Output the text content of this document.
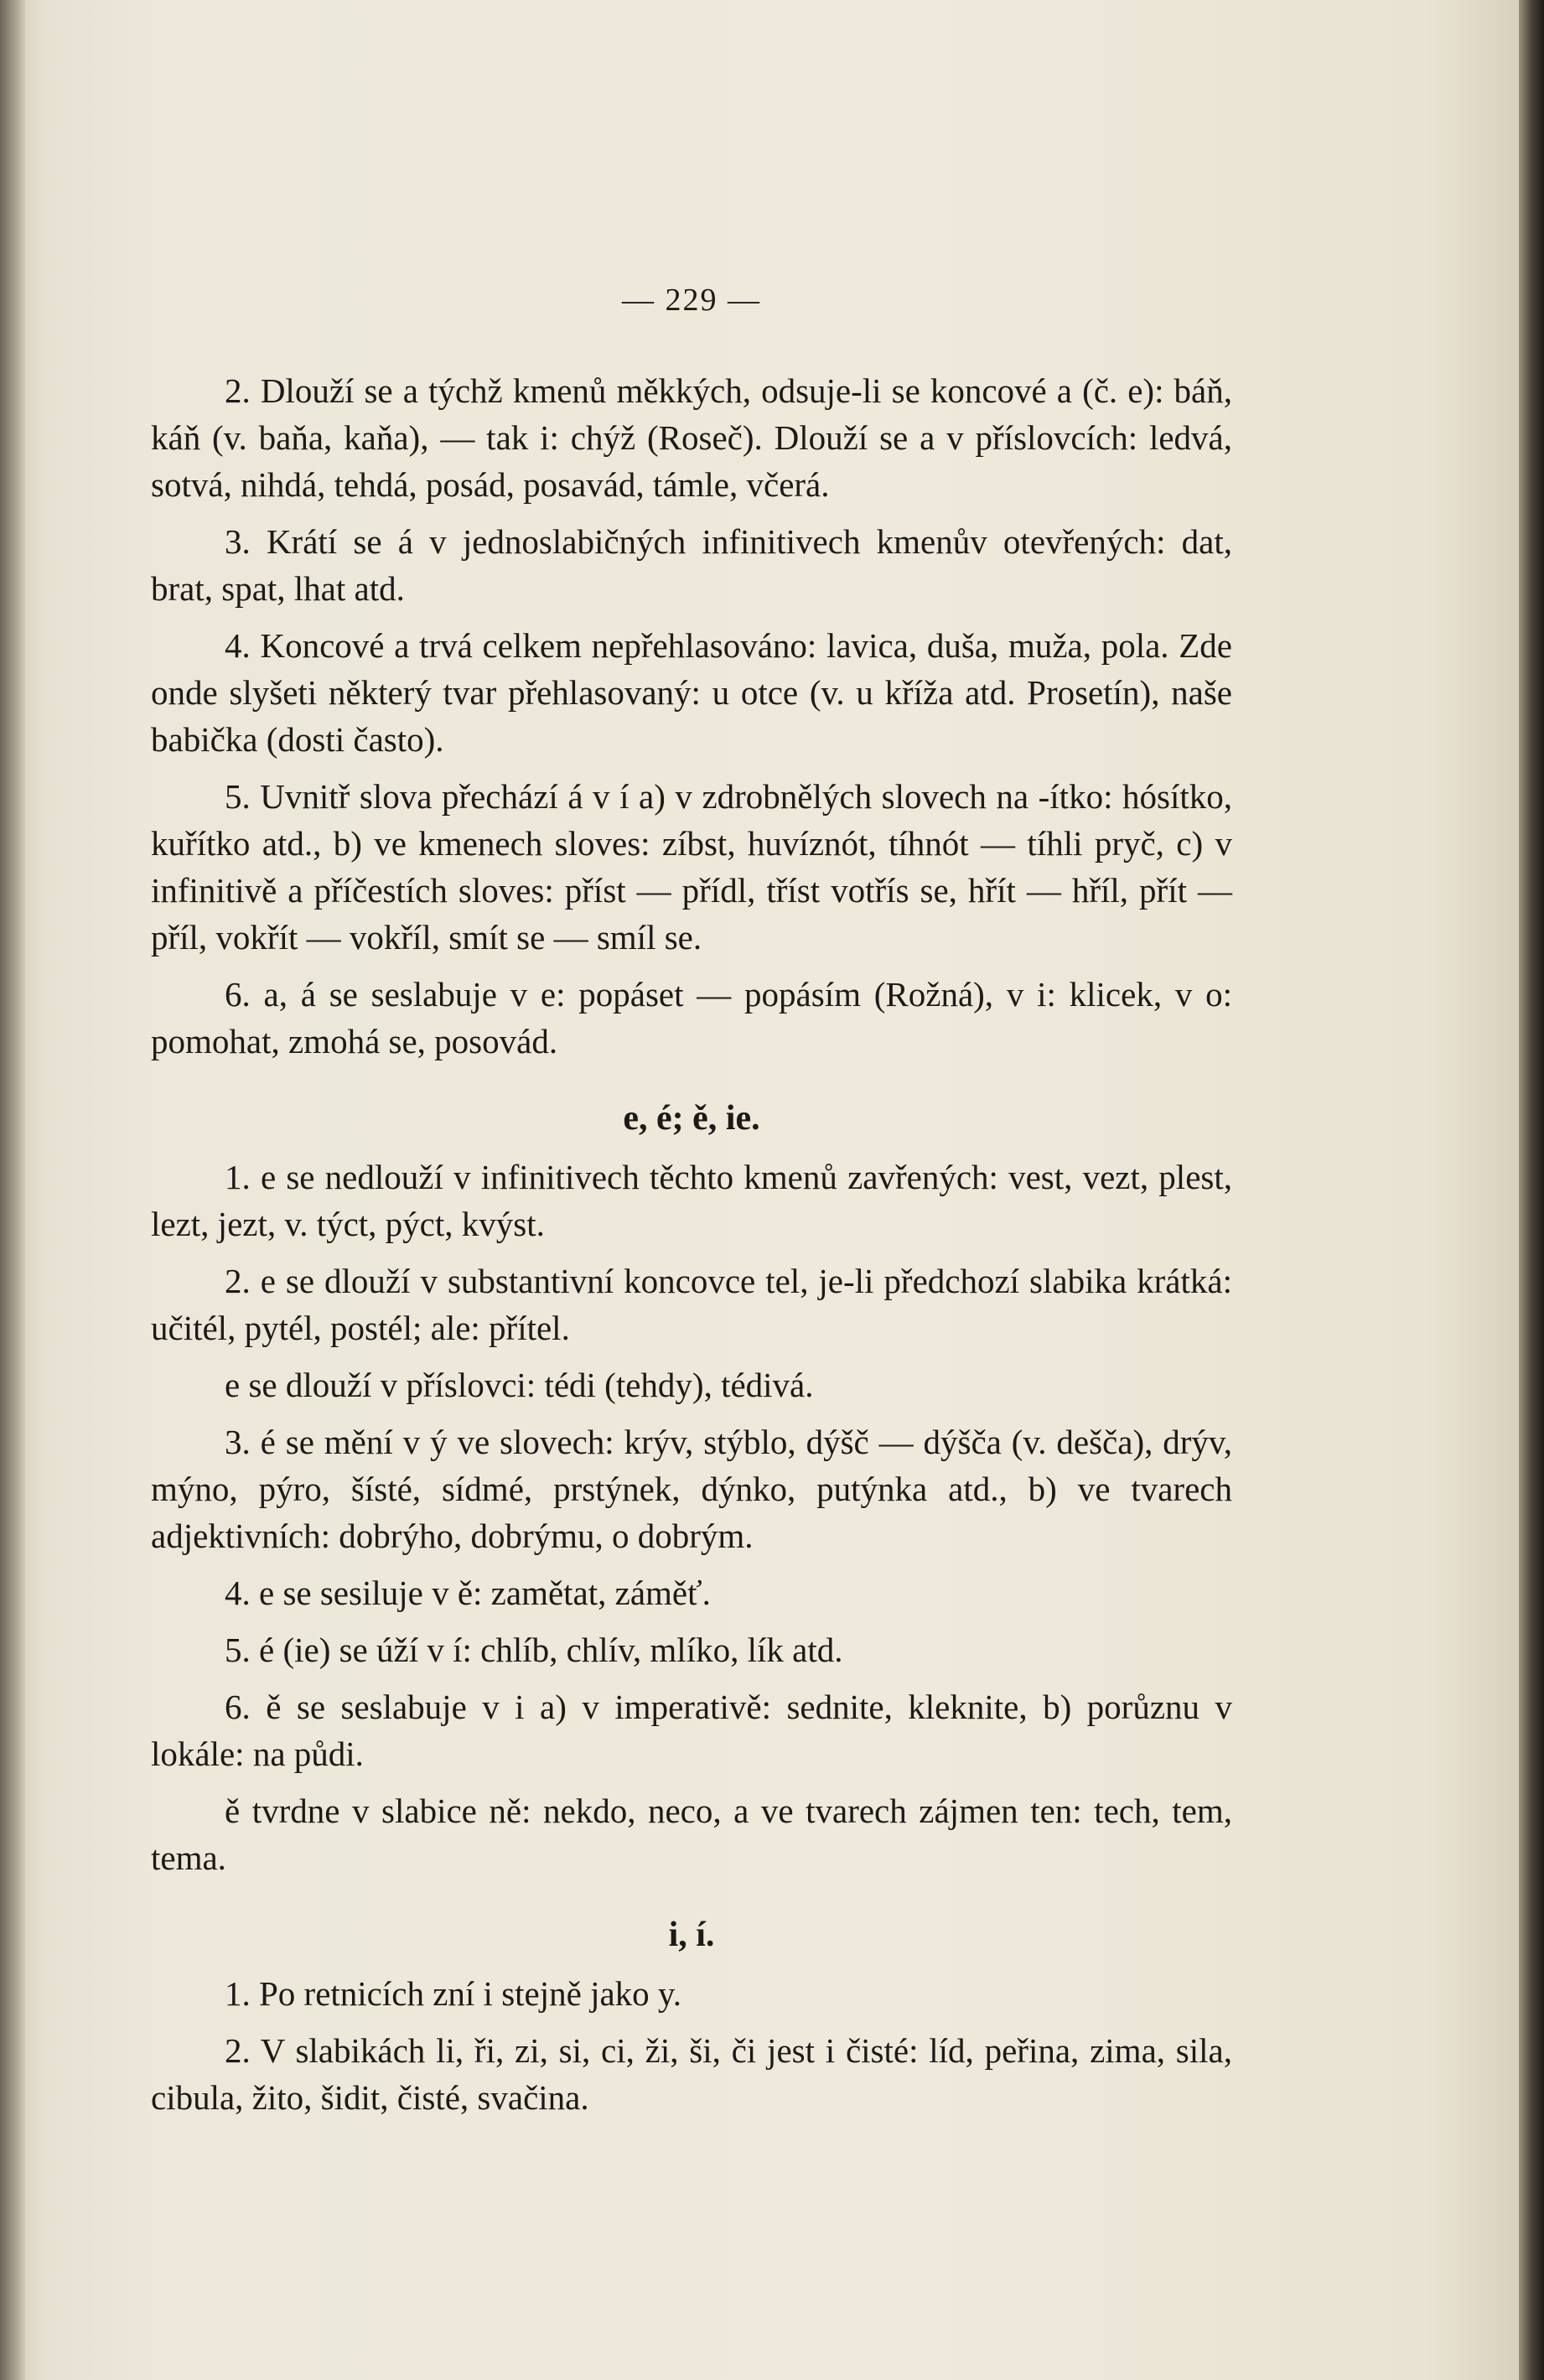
— 229 —

2. Dlouží se a týchž kmenů měkkých, odsuje-li se koncové a (č. e): báň, káň (v. baňa, kaňa), — tak i: chýž (Roseč). Dlouží se a v příslovcích: ledvá, sotvá, nihdá, tehdá, posád, posavád, támle, včerá.

3. Krátí se á v jednoslabičných infinitivech kmenův otevřených: dat, brat, spat, lhat atd.

4. Koncové a trvá celkem nepřehlasováno: lavica, duša, muža, pola. Zde onde slyšeti některý tvar přehlasovaný: u otce (v. u kříža atd. Prosetín), naše babička (dosti často).

5. Uvnitř slova přechází á v í a) v zdrobnělých slovech na -ítko: hósítko, kuřítko atd., b) ve kmenech sloves: zíbst, huvíznót, tíhnót — tíhli pryč, c) v infinitivě a příčestích sloves: příst — přídl, tříst votřís se, hřít — hříl, přít — příl, vokřít — vokříl, smít se — smíl se.

6. a, á se seslabuje v e: popáset — popásím (Rožná), v i: klicek, v o: pomohat, zmohá se, posovád.

e, é; ě, ie.

1. e se nedlouží v infinitivech těchto kmenů zavřených: vest, vezt, plest, lezt, jezt, v. týct, pýct, kvýst.

2. e se dlouží v substantivní koncovce tel, je-li předchozí slabika krátká: učitél, pytél, postél; ale: přítel.

e se dlouží v příslovci: tédi (tehdy), tédivá.

3. é se mění v ý ve slovech: krýv, stýblo, dýšč — dýšča (v. dešča), drýv, mýno, pýro, šísté, sídmé, prstýnek, dýnko, putýnka atd., b) ve tvarech adjektivních: dobrýho, dobrýmu, o dobrým.

4. e se sesiluje v ě: zamětat, záměť.

5. é (ie) se úží v í: chlíb, chlív, mlíko, lík atd.

6. ě se seslabuje v i a) v imperativě: sednite, kleknite, b) porůznu v lokále: na půdi.

ě tvrdne v slabice ně: nekdo, neco, a ve tvarech zájmen ten: tech, tem, tema.

i, í.

1. Po retnicích zní i stejně jako y.

2. V slabikách li, ři, zi, si, ci, ži, ši, či jest i čisté: líd, peřina, zima, sila, cibula, žito, šidit, čisté, svačina.
